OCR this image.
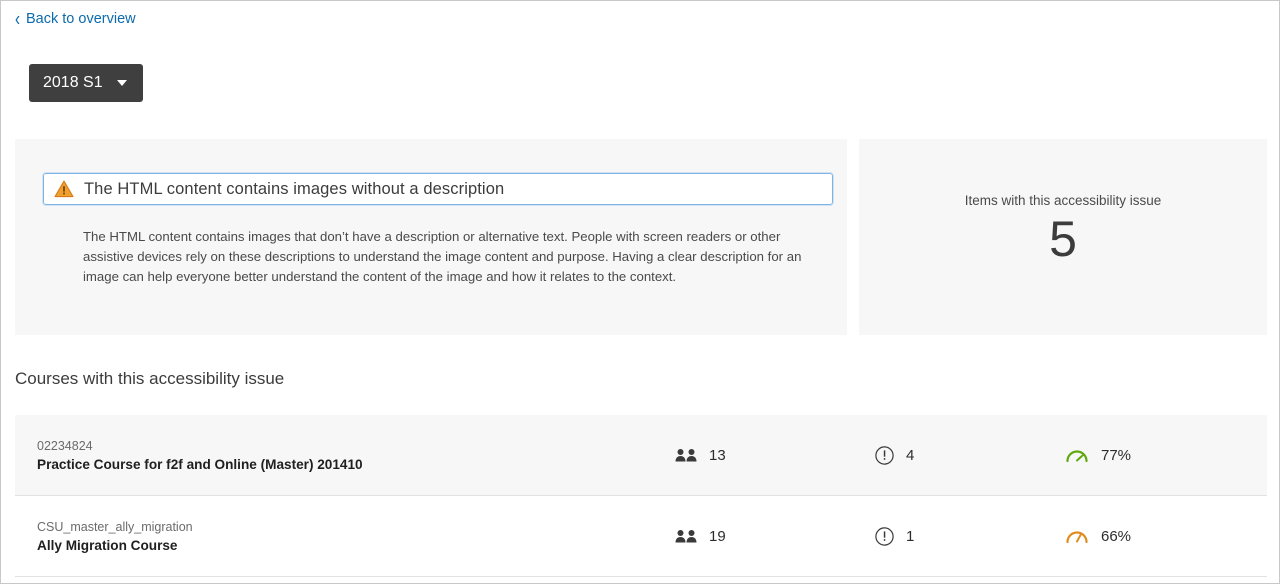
‹ Back to overview
2018 S1
The HTML content contains images without a description
The HTML content contains images that don’t have a description or alternative text. People with screen readers or other assistive devices rely on these descriptions to understand the image content and purpose. Having a clear description for an image can help everyone better understand the content of the image and how it relates to the context.
Items with this accessibility issue
5
Courses with this accessibility issue
02234824
Practice Course for f2f and Online (Master) 201410
13	4	77%
CSU_master_ally_migration
Ally Migration Course
19	1	66%
